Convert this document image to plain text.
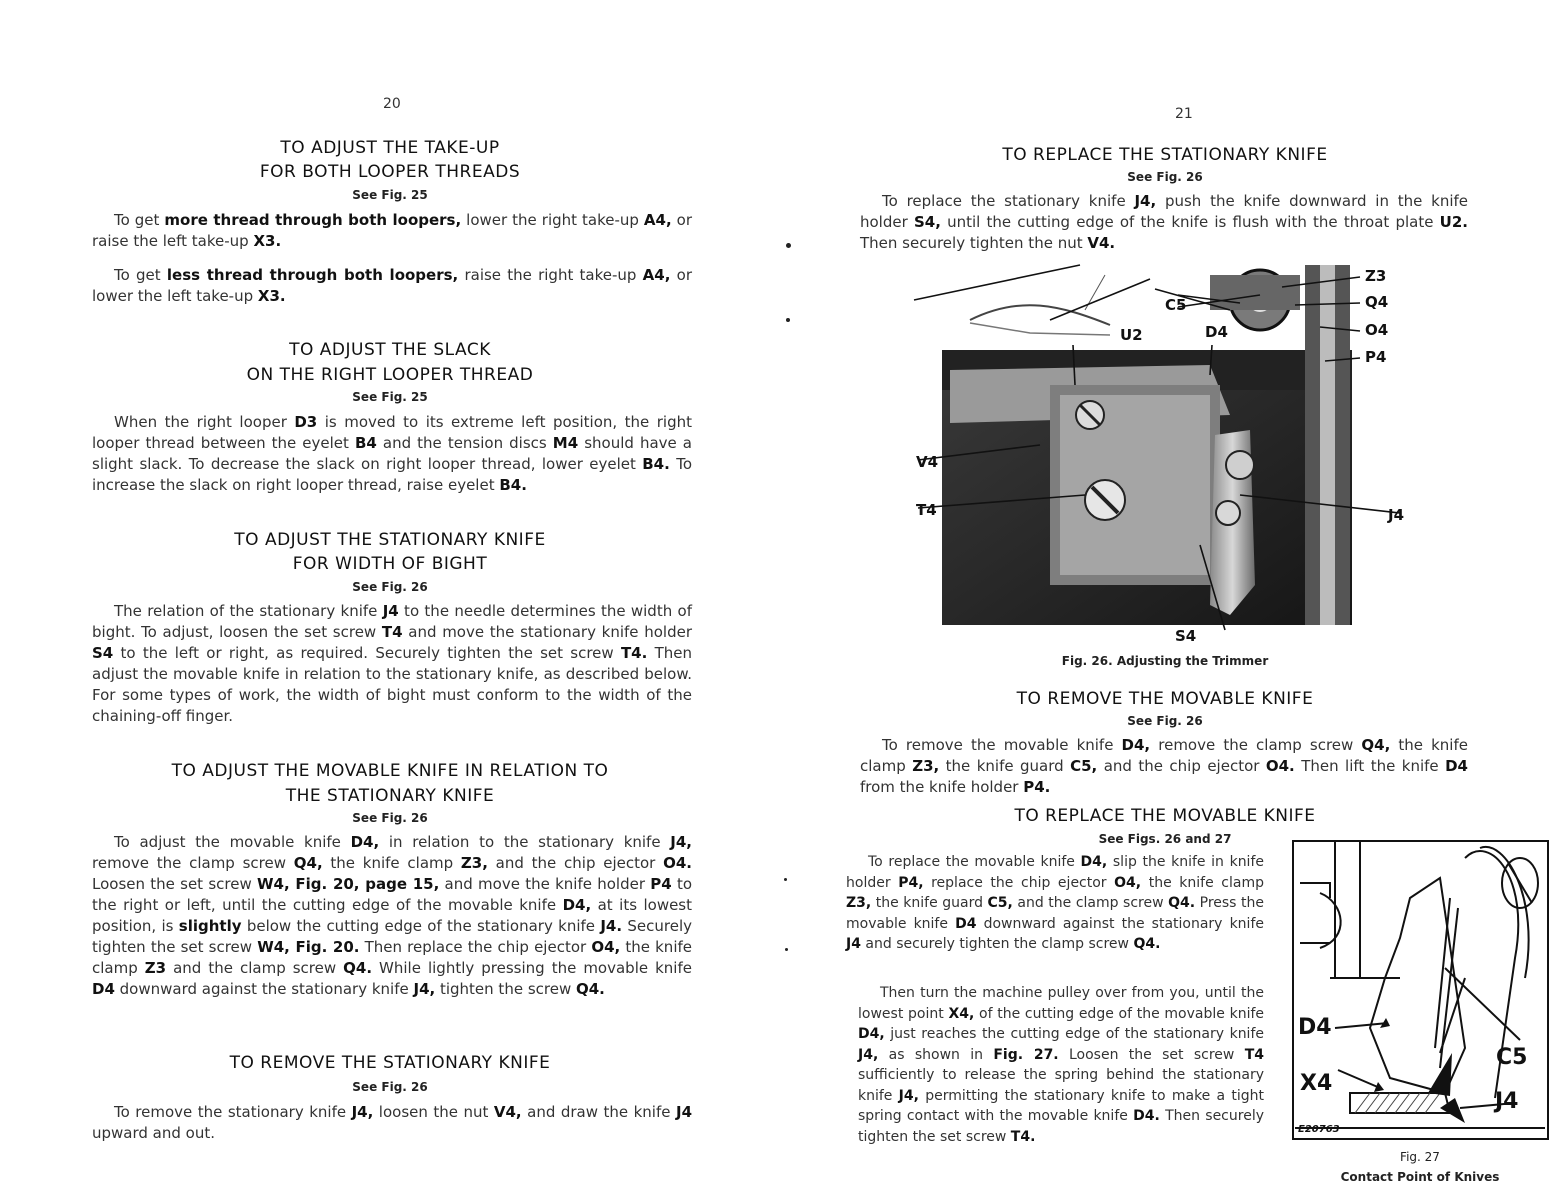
20
TO ADJUST THE TAKE-UP
FOR BOTH LOOPER THREADS
See Fig. 25
To get more thread through both loopers, lower the right take-up A4, or raise the left take-up X3.
To get less thread through both loopers, raise the right take-up A4, or lower the left take-up X3.
TO ADJUST THE SLACK
ON THE RIGHT LOOPER THREAD
See Fig. 25
When the right looper D3 is moved to its extreme left position, the right looper thread between the eyelet B4 and the tension discs M4 should have a slight slack. To decrease the slack on right looper thread, lower eyelet B4. To increase the slack on right looper thread, raise eyelet B4.
TO ADJUST THE STATIONARY KNIFE
FOR WIDTH OF BIGHT
See Fig. 26
The relation of the stationary knife J4 to the needle determines the width of bight. To adjust, loosen the set screw T4 and move the stationary knife holder S4 to the left or right, as required. Securely tighten the set screw T4. Then adjust the movable knife in relation to the stationary knife, as described below. For some types of work, the width of bight must conform to the width of the chaining-off finger.
TO ADJUST THE MOVABLE KNIFE IN RELATION TO
THE STATIONARY KNIFE
See Fig. 26
To adjust the movable knife D4, in relation to the stationary knife J4, remove the clamp screw Q4, the knife clamp Z3, and the chip ejector O4. Loosen the set screw W4, Fig. 20, page 15, and move the knife holder P4 to the right or left, until the cutting edge of the movable knife D4, at its lowest position, is slightly below the cutting edge of the stationary knife J4. Securely tighten the set screw W4, Fig. 20. Then replace the chip ejector O4, the knife clamp Z3 and the clamp screw Q4. While lightly pressing the movable knife D4 downward against the stationary knife J4, tighten the screw Q4.
TO REMOVE THE STATIONARY KNIFE
See Fig. 26
To remove the stationary knife J4, loosen the nut V4, and draw the knife J4 upward and out.
21
TO REPLACE THE STATIONARY KNIFE
See Fig. 26
To replace the stationary knife J4, push the knife downward in the knife holder S4, until the cutting edge of the knife is flush with the throat plate U2. Then securely tighten the nut V4.
Z3
Q4
O4
P4
C5
U2	D4
V4
T4	J4
S4
Fig. 26. Adjusting the Trimmer
TO REMOVE THE MOVABLE KNIFE
See Fig. 26
To remove the movable knife D4, remove the clamp screw Q4, the knife clamp Z3, the knife guard C5, and the chip ejector O4. Then lift the knife D4 from the knife holder P4.
TO REPLACE THE MOVABLE KNIFE
See Figs. 26 and 27
To replace the movable knife D4, slip the knife in knife holder P4, replace the chip ejector O4, the knife clamp Z3, the knife guard C5, and the clamp screw Q4. Press the movable knife D4 downward against the stationary knife J4 and securely tighten the clamp screw Q4.
Then turn the machine pulley over from you, until the lowest point X4, of the cutting edge of the movable knife D4, just reaches the cutting edge of the stationary knife J4, as shown in Fig. 27. Loosen the set screw T4 sufficiently to release the spring behind the stationary knife J4, permitting the stationary knife to make a tight spring contact with the movable knife D4. Then securely tighten the set screw T4.
D4
X4
C5
J4
E20763
Fig. 27
Contact Point of Knives
